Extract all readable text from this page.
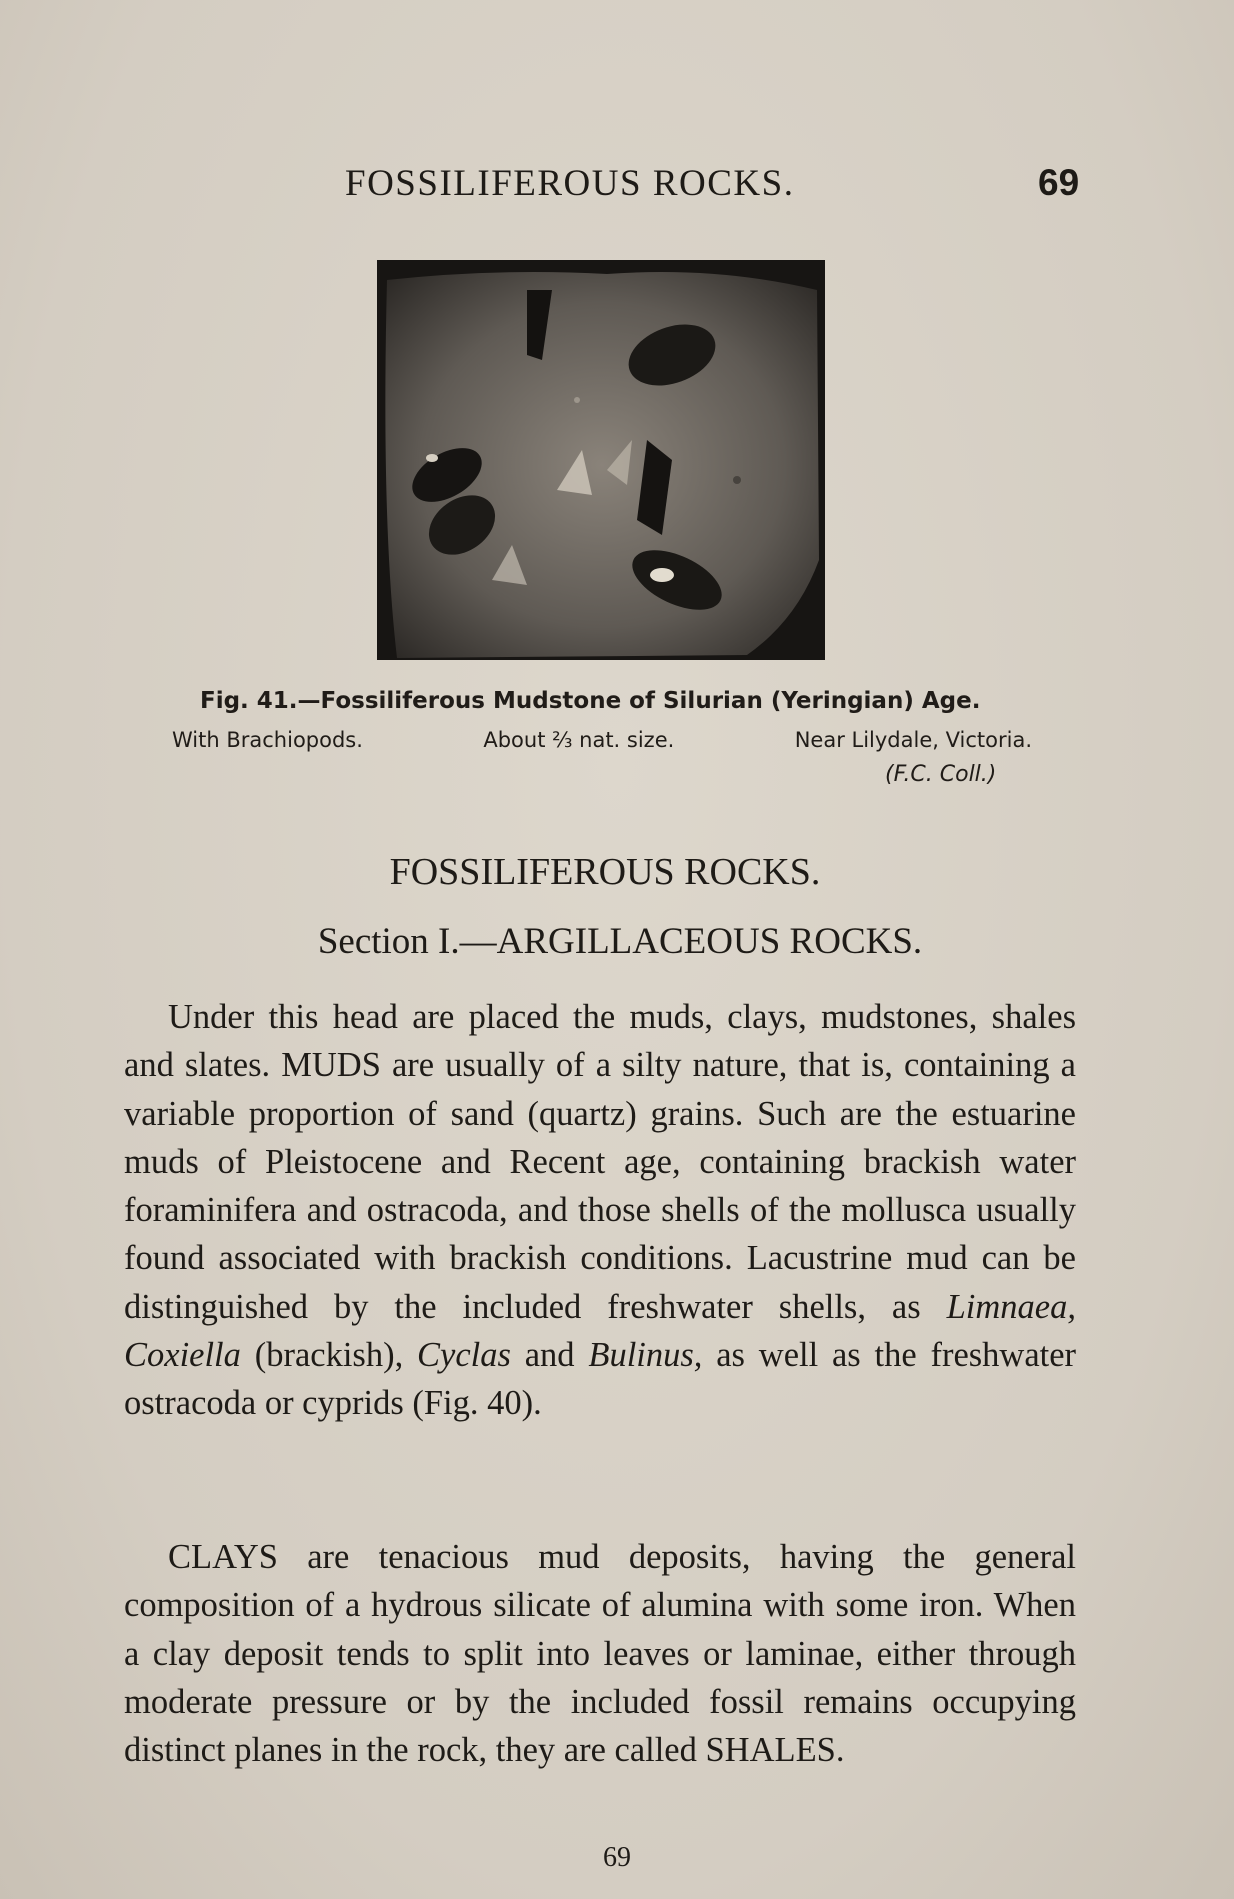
FOSSILIFEROUS ROCKS.	69
Fig. 41.—Fossiliferous Mudstone of Silurian (Yeringian) Age.
With Brachiopods.	About ⅔ nat. size.	Near Lilydale, Victoria.
(F.C. Coll.)
FOSSILIFEROUS ROCKS.
Section I.—ARGILLACEOUS ROCKS.

Under this head are placed the muds, clays, mudstones, shales and slates. MUDS are usually of a silty nature, that is, containing a variable proportion of sand (quartz) grains. Such are the estuarine muds of Pleistocene and Recent age, containing brackish water foraminifera and ostracoda, and those shells of the mollusca usually found associated with brackish conditions. Lacustrine mud can be distinguished by the included freshwater shells, as Limnaea, Coxiella (brackish), Cyclas and Bulinus, as well as the freshwater ostracoda or cyprids (Fig. 40).

CLAYS are tenacious mud deposits, having the general composition of a hydrous silicate of alumina with some iron. When a clay deposit tends to split into leaves or laminae, either through moderate pressure or by the included fossil remains occupying distinct planes in the rock, they are called SHALES.

69
